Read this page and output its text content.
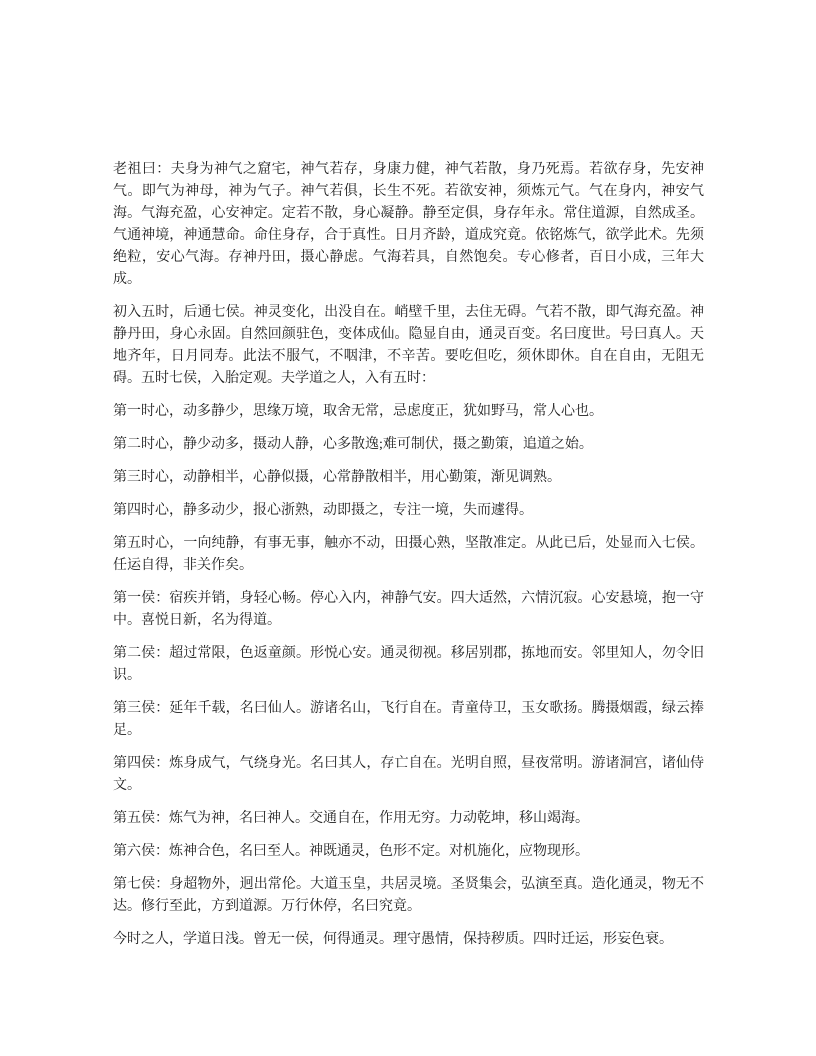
老祖曰：夫身为神气之窟宅，神气若存，身康力健，神气若散，身乃死焉。若欲存身，先安神气。即气为神母，神为气子。神气若俱，长生不死。若欲安神，须炼元气。气在身内，神安气海。气海充盈，心安神定。定若不散，身心凝静。静至定俱，身存年永。常住道源，自然成圣。气通神境，神通慧命。命住身存，合于真性。日月齐龄，道成究竟。依铭炼气，欲学此术。先须绝粒，安心气海。存神丹田，摄心静虑。气海若具，自然饱矣。专心修者，百日小成，三年大成。

初入五时，后通七侯。神灵变化，出没自在。峭壁千里，去住无碍。气若不散，即气海充盈。神静丹田，身心永固。自然回颜驻色，变体成仙。隐显自由，通灵百变。名曰度世。号曰真人。天地齐年，日月同寿。此法不服气，不咽津，不辛苦。要吃但吃，须休即休。自在自由，无阻无碍。五时七侯，入胎定观。夫学道之人，入有五时：

第一时心，动多静少，思缘万境，取舍无常，忌虑度正，犹如野马，常人心也。

第二时心，静少动多，摄动人静，心多散逸;难可制伏，摄之勤策，追道之始。

第三时心，动静相半，心静似摄，心常静散相半，用心勤策，渐见调熟。

第四时心，静多动少，报心浙熟，动即摄之，专注一境，失而遽得。

第五时心，一向纯静，有事无事，触亦不动，田摄心熟，坚散准定。从此已后，处显而入七侯。任运自得，非关作矣。

第一侯：宿疾并销，身轻心畅。停心入内，神静气安。四大适然，六情沉寂。心安悬境，抱一守中。喜悦日新，名为得道。

第二侯：超过常限，色返童颜。形悦心安。通灵彻视。移居别郡，拣地而安。邻里知人，勿令旧识。

第三侯：延年千载，名曰仙人。游诸名山，飞行自在。青童侍卫，玉女歌扬。腾摄烟霞，绿云捧足。

第四侯：炼身成气，气绕身光。名曰其人，存亡自在。光明自照，昼夜常明。游诸洞宫，诸仙侍文。

第五侯：炼气为神，名曰神人。交通自在，作用无穷。力动乾坤，移山竭海。

第六侯：炼神合色，名曰至人。神既通灵，色形不定。对机施化，应物现形。

第七侯：身超物外，迥出常伦。大道玉皇，共居灵境。圣贤集会，弘演至真。造化通灵，物无不达。修行至此，方到道源。万行休停，名曰究竟。

今时之人，学道日浅。曾无一侯，何得通灵。理守愚情，保持秽质。四时迁运，形妄色衰。
